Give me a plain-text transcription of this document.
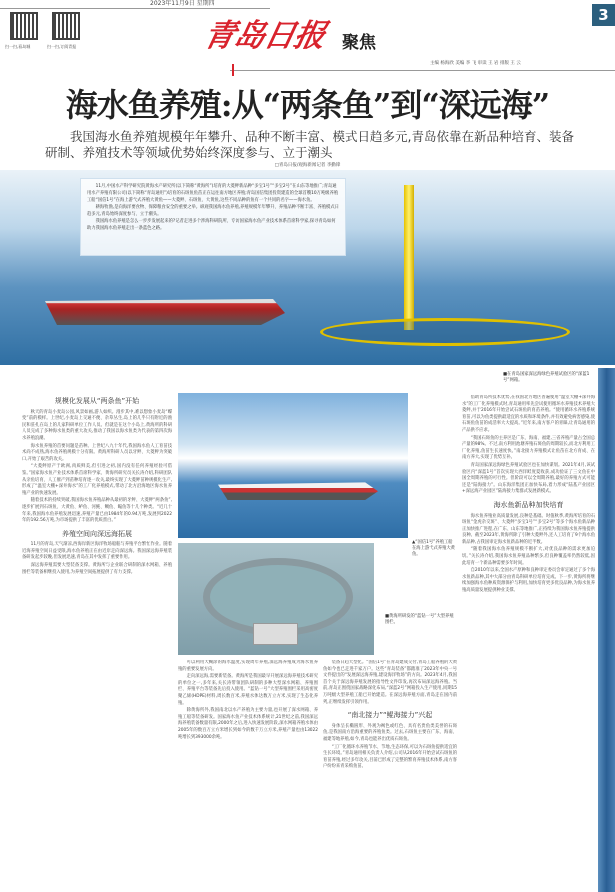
2023年11月9日 星期四
扫一扫,看岛城	扫一扫,订阅青报	青岛日报 聚焦
3
主编 杨海欣 美编 李 飞 审读 王 岩 排版 王 云
海水鱼养殖:从“两条鱼”到“深远海”
我国海水鱼养殖规模年年攀升、品种不断丰富、模式日趋多元,青岛依靠在新品种培育、装备研制、养殖技术等领域优势始终深度参与、立于潮头
□青岛日报/观海新闻记者 李勤锋

11月,中国水产科学研究院黄海水产研究所(以下简称“黄海所”)培育的大菱鲆新品种“多宝1号”“多宝2号”在山东等地推广;青岛通用水产养殖有限公司(以下简称“青岛通用”)培育的石斑鱼鱼苗正在运往南方地区养殖;青岛国信集团投资建造的全球首艘10万吨级养殖工船“国信1号”在海上游弋式养殖大黄鱼——大菱鲆、石斑鱼、大黄鱼,这些不同品种的鱼有一个共同的名字——海水鱼。

耕海牧渔,是向海洋要食物、保障粮食安全的重要之举。纵观我国海水鱼养殖,养殖规模年年攀升、养殖品种不断丰富、养殖模式日趋多元,青岛始终深度参与、立于潮头。

我国海水鱼养殖是怎么一步步发展起来的?记者走进多个涉海科研院所、专访国家海水鱼产业技术体系首席科学家,探寻青岛如何助力我国海水鱼养殖走出一条蓝色之路。

■在青岛国家深远海绿色养殖试验区的“深蓝1号”网箱。
规模化发展从“两条鱼”开始

秋天的青岛小麦岛公园,风景如画,游人如织。漫步其中,难以想象小麦岛“蝶变”前的模样。上世纪,小麦岛上交通不便、杂草丛生,岛上的几乎只有附近的渔民和驻扎在岛上的几家科研单位工作人员。但就是在这个小岛上,黄海所的科研人员完成了多种海水鱼类的重大攻关,推动了我国以海水鱼类为代表的第四次海水养殖浪潮。

海水鱼养殖的首要问题是苗种。上世纪八九十年代,我国海水鱼人工育苗技术尚不成熟,海水鱼养殖规模十分有限。黄海所科研人员以牙鲆、大菱鲆为突破口,开始了艰苦的攻关。

“大菱鲆原产于欧洲,肉质鲜美,但引进之初,国内没有任何养殖经验可借鉴。”国家海水鱼产业技术体系首席科学家、黄海所研究员关长涛介绍,科研团队从亲鱼培育、人工催产到苗种培育逐一攻关,最终实现了大菱鲆苗种规模化生产,形成了“温室大棚+深井海水”的工厂化养殖模式,带动了北方沿海地区海水鱼养殖产业的快速发展。

随着技术的持续突破,我国海水鱼养殖品种从最初的牙鲆、大菱鲆“两条鱼”,逐步扩展到石斑鱼、大黄鱼、鲈鱼、河鲀、鲷鱼、鳎鱼等十几个种类。“近几十年来,我国海水鱼养殖发展迅速,养殖产量已由1984年的0.94万吨,发展到2022年的192.56万吨,为市场提供了丰富的优质蛋白。”

养殖空间向深远海拓展

11月的青岛,天气渐凉,西海岸新区海洋牧场船舶与养殖平台繁忙作业。随着近海养殖空间日益受限,海水鱼养殖正在由近岸走向深远海。我国深远海养殖装备研发起步较晚,但发展迅速,青岛在其中发挥了重要作用。

深远海养殖需要大型装备支撑。黄海所与企业联合研制的深水网箱、养殖围栏等装备相继投入使用,为养殖空间拓展提供了有力支撑。

▲“国信1号”养殖工船在海上游弋式养殖大黄鱼。
■黄海所研发的“蓝钻一号”大型养殖围栏。

可以利用大糊涂的海水温度,实现周年养殖,深远海养殖成为海水鱼养殖的重要发展方向。

走向深远海,需要新装备。黄海所是我国最早开展深远海养殖技术研究的单位之一,多年来,关长涛带领团队研制的多种大型深水网箱、养殖围栏、养殖平台等装备先后投入使用。“蓝钻一号”大型养殖围栏采用高密度聚乙烯(HDPE)材料,周长数百米,养殖水体达数万立方米,实现了生态化养殖。

除黄海所外,我国南北以水产养殖为主要力量,也开展了深水网箱、养殖工船等装备研发。国家海水鱼产业技术体系统计,21世纪之前,我国深远海养殖装备数量有限,2000年之后,进入快速发展阶段,深水网箱养殖水体由2005年的数百万立方米增长到如今的数千万立方米,养殖产量也由13022吨增长到393000余吨。

装备日趋大型化。“国信1号”在青岛建成交付,青岛工船养殖的大黄鱼如今也已走进千家万户。这些“青岛装备”都踏准了2023年中央一号文件提出的“发展深远海养殖,建设海洋牧场”的方向。2023年4月,我国首个关于深远海养殖发展的指导性文件印发,再次布局深远海养殖。当前,青岛正围绕国家战略深化布局,“深蓝2号”网箱投入生产使用,同期15万吨级大型养殖工船已开始建造。在深远海养殖方面,青岛走在国内前列,正继续发挥引领作用。

“南北接力”“鲲海接力”兴起

身体呈长椭圆形、外观为褐色或红色、具有名贵鱼类美誉的石斑鱼,是我国南方沿海重要的养殖鱼类。过去,石斑鱼主要在广东、海南、福建等地养殖,如今,青岛也能养出优质石斑鱼。

“工厂化循环水养殖节水、节地,生态环保,可以为石斑鱼提供适宜的生长环境。”青岛通用相关负责人介绍,公司从2016年开始尝试石斑鱼的育苗养殖,经过多年攻关,目前已形成了完整的繁育养殖技术体系,南方客户纷纷来青采购鱼苗。

借助青岛所技术优势,在我国北方地区普遍使用“温室大棚+深井海水”的工厂化养殖模式时,青岛通用率先尝试使用循环水养殖技术养殖大菱鲆,并于2016年开始尝试石斑鱼的育苗养殖。“使用循环水养殖系统育苗,可以为鱼类提供最适宜的水质和环境条件,并有效避免病害感染,使石斑鱼鱼苗的成活率大大提高。”近年来,南方客户的青睐,让青岛通用的产品供不应求。

“我国石斑鱼的主养区是广东、海南、福建,三省养殖产量占全国总产量的98%。不过,南方利用池塘养殖石斑鱼的周期较长,而北方利用工厂化养殖,鱼苗生长速度快。”南北接力养殖模式让鱼苗在北方育成、在南方养大,实现了优势互补。

青岛国家深远海绿色养殖试验区也在加快谋划。2021年4月,该试验区内“深蓝1号”首次实现大西洋鲑度夏收获,成功验证了三文鱼在中国全周期养殖的可行性。但阶段可以全周期养殖,最好的养殖方式可能还是“陆海接力”。山东海洋集团正加快布局,着力形成“陆基产业园区+深远海产业园区”陆海接力集群式发展新模式。

海水鱼新品种加快培育

海水鱼养殖业高质量发展,良种是基础。时值秋季,黄海所培育的石斑鱼“金虎杂交斑”、大菱鲆“多宝1号”“多宝2号”等多个海水鱼新品种正加快推广进程,在广东、山东等地推广,正持续为我国海水鱼养殖提供良种。截至2023年,黄海所除了引种大菱鲆外,还人工培育了9个海水鱼新品种,占我国审定海水鱼新品种的近半数。

“随着我国海水鱼养殖规模不断扩大,对优良品种的需求更加迫切。”关长涛介绍,我国海水鱼养殖品种繁多,但良种覆盖率仍然较低,因此培育一个新品种需要多年时间。

自2010年以来,全国水产原种和良种审定委员会审定通过了多个海水鱼新品种,其中大部分由青岛科研单位培育完成。下一步,黄海所将继续加强海水鱼种质资源保护与利用,加快培育更多优良品种,为海水鱼养殖高质量发展提供种业支撑。
